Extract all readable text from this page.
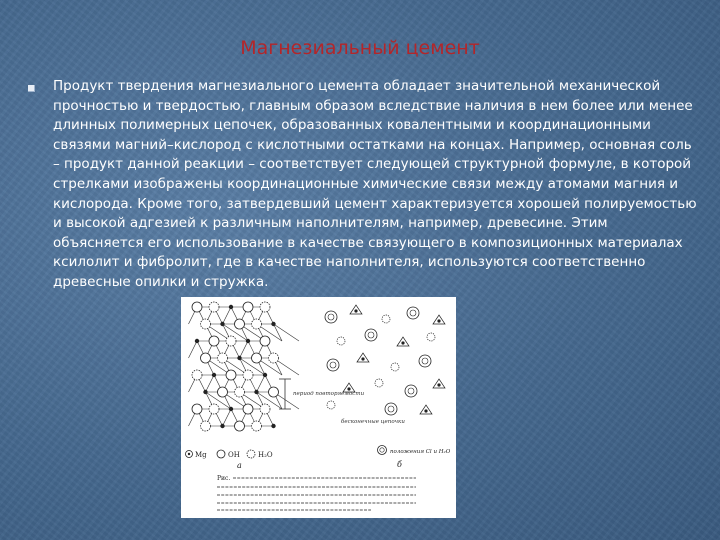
Магнезиальный цемент
Продукт твердения магнезиального цемента обладает значительной механической прочностью и твердостью, главным образом вследствие наличия в нем более или менее длинных полимерных цепочек, образованных ковалентными и координационными связями магний–кислород с кислотными остатками на концах. Например, основная соль – продукт данной реакции – соответствует следующей структурной формуле, в которой стрелками изображены координационные химические связи между атомами магния и кислорода. Кроме того, затвердевший цемент характеризуется хорошей полируемостью и высокой адгезией к различным наполнителям, например, древесине. Этим объясняется его использование в качестве связующего в композиционных материалах ксилолит и фибролит, где в качестве наполнителя, используются соответственно древесные опилки и стружка.
период повторяемости
бесконечные цепочки
Mg	OH	H₂O
а
положения Cl и H₂O
б
Рис.
